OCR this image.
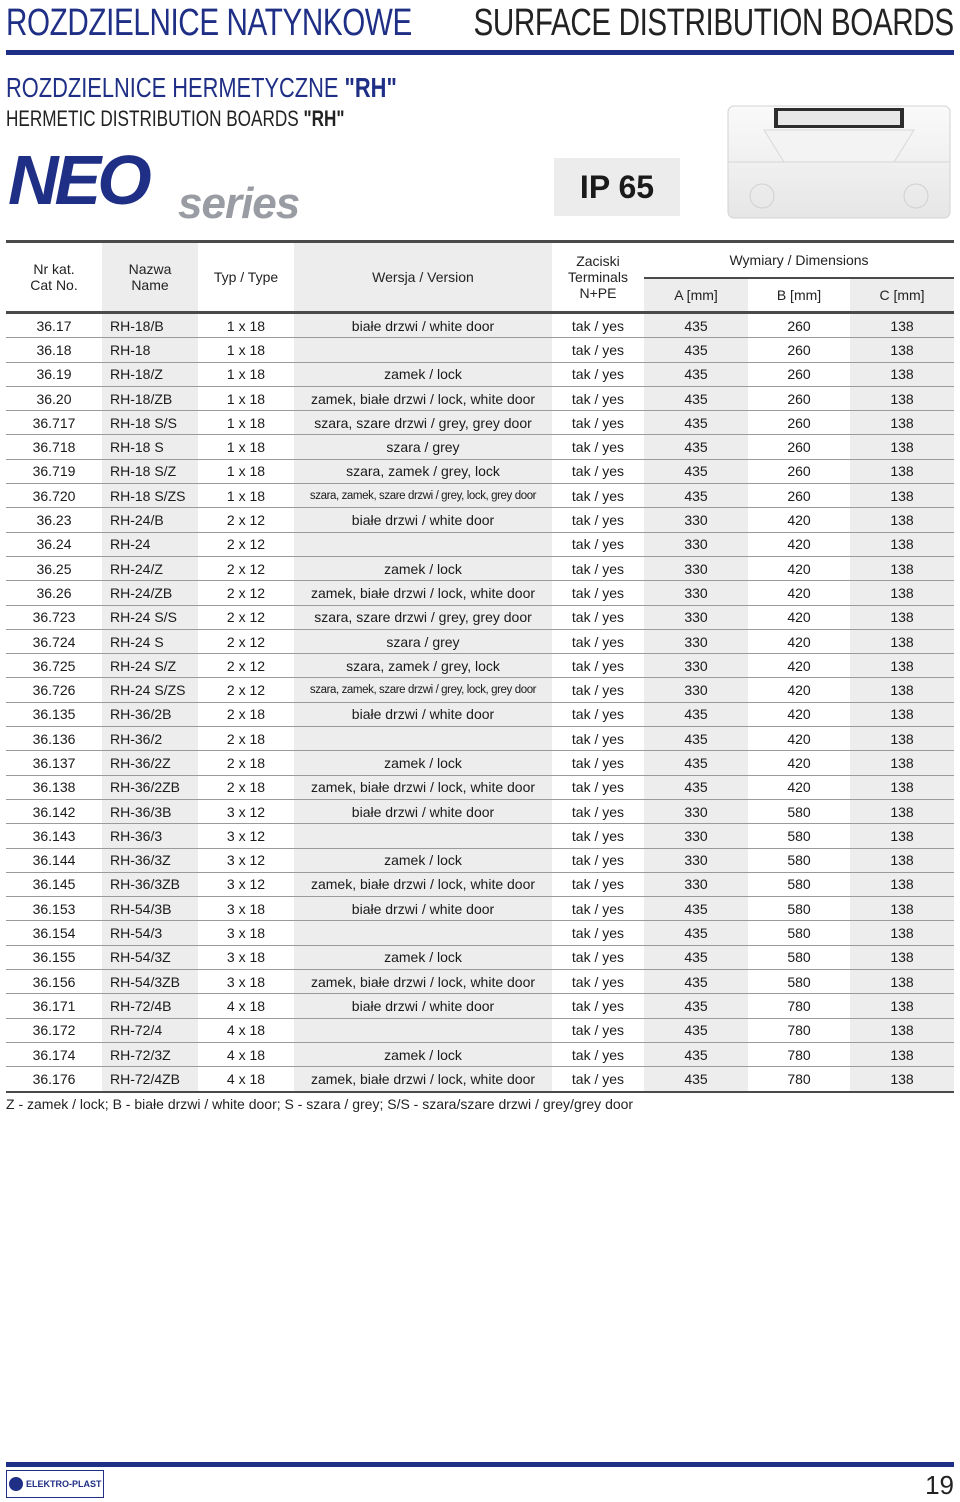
ROZDZIELNICE NATYNKOWE SURFACE DISTRIBUTION BOARDS
ROZDZIELNICE HERMETYCZNE "RH"
HERMETIC DISTRIBUTION BOARDS "RH"
NEO series	IP 65
Nr kat.
Cat No.	Nazwa
Name	Typ / Type	Wersja / Version	Zaciski
Terminals
N+PE	Wymiary / Dimensions		
					A [mm]	B [mm]	C [mm]
36.17	RH-18/B	1 x 18	białe drzwi / white door	tak / yes	435	260	138
36.18	RH-18	1 x 18		tak / yes	435	260	138
36.19	RH-18/Z	1 x 18	zamek / lock	tak / yes	435	260	138
36.20	RH-18/ZB	1 x 18	zamek, białe drzwi / lock, white door	tak / yes	435	260	138
36.717	RH-18 S/S	1 x 18	szara, szare drzwi / grey, grey door	tak / yes	435	260	138
36.718	RH-18 S	1 x 18	szara / grey	tak / yes	435	260	138
36.719	RH-18 S/Z	1 x 18	szara, zamek / grey, lock	tak / yes	435	260	138
36.720	RH-18 S/ZS	1 x 18	szara, zamek, szare drzwi / grey, lock, grey door	tak / yes	435	260	138
36.23	RH-24/B	2 x 12	białe drzwi / white door	tak / yes	330	420	138
36.24	RH-24	2 x 12		tak / yes	330	420	138
36.25	RH-24/Z	2 x 12	zamek / lock	tak / yes	330	420	138
36.26	RH-24/ZB	2 x 12	zamek, białe drzwi / lock, white door	tak / yes	330	420	138
36.723	RH-24 S/S	2 x 12	szara, szare drzwi / grey, grey door	tak / yes	330	420	138
36.724	RH-24 S	2 x 12	szara / grey	tak / yes	330	420	138
36.725	RH-24 S/Z	2 x 12	szara, zamek / grey, lock	tak / yes	330	420	138
36.726	RH-24 S/ZS	2 x 12	szara, zamek, szare drzwi / grey, lock, grey door	tak / yes	330	420	138
36.135	RH-36/2B	2 x 18	białe drzwi / white door	tak / yes	435	420	138
36.136	RH-36/2	2 x 18		tak / yes	435	420	138
36.137	RH-36/2Z	2 x 18	zamek / lock	tak / yes	435	420	138
36.138	RH-36/2ZB	2 x 18	zamek, białe drzwi / lock, white door	tak / yes	435	420	138
36.142	RH-36/3B	3 x 12	białe drzwi / white door	tak / yes	330	580	138
36.143	RH-36/3	3 x 12		tak / yes	330	580	138
36.144	RH-36/3Z	3 x 12	zamek / lock	tak / yes	330	580	138
36.145	RH-36/3ZB	3 x 12	zamek, białe drzwi / lock, white door	tak / yes	330	580	138
36.153	RH-54/3B	3 x 18	białe drzwi / white door	tak / yes	435	580	138
36.154	RH-54/3	3 x 18		tak / yes	435	580	138
36.155	RH-54/3Z	3 x 18	zamek / lock	tak / yes	435	580	138
36.156	RH-54/3ZB	3 x 18	zamek, białe drzwi / lock, white door	tak / yes	435	580	138
36.171	RH-72/4B	4 x 18	białe drzwi / white door	tak / yes	435	780	138
36.172	RH-72/4	4 x 18		tak / yes	435	780	138
36.174	RH-72/3Z	4 x 18	zamek / lock	tak / yes	435	780	138
36.176	RH-72/4ZB	4 x 18	zamek, białe drzwi / lock, white door	tak / yes	435	780	138
Z - zamek / lock; B - białe drzwi / white door; S - szara / grey; S/S - szara/szare drzwi / grey/grey door
ELEKTRO-PLAST	19
